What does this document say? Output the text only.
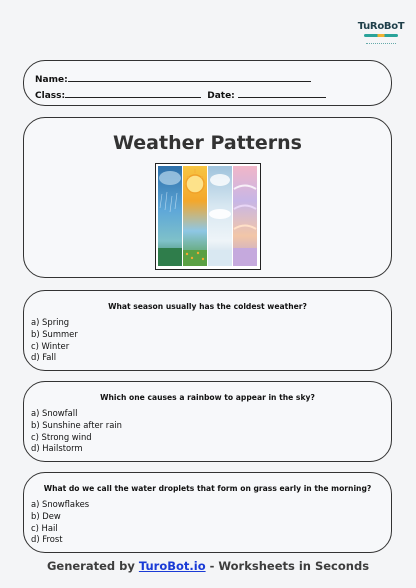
TuRoBoT
Name:
Class:	Date:
Weather Patterns
What season usually has the coldest weather?
a) Spring
b) Summer
c) Winter
d) Fall
Which one causes a rainbow to appear in the sky?
a) Snowfall
b) Sunshine after rain
c) Strong wind
d) Hailstorm
What do we call the water droplets that form on grass early in the morning?
a) Snowflakes
b) Dew
c) Hail
d) Frost
Generated by TuroBot.io - Worksheets in Seconds
